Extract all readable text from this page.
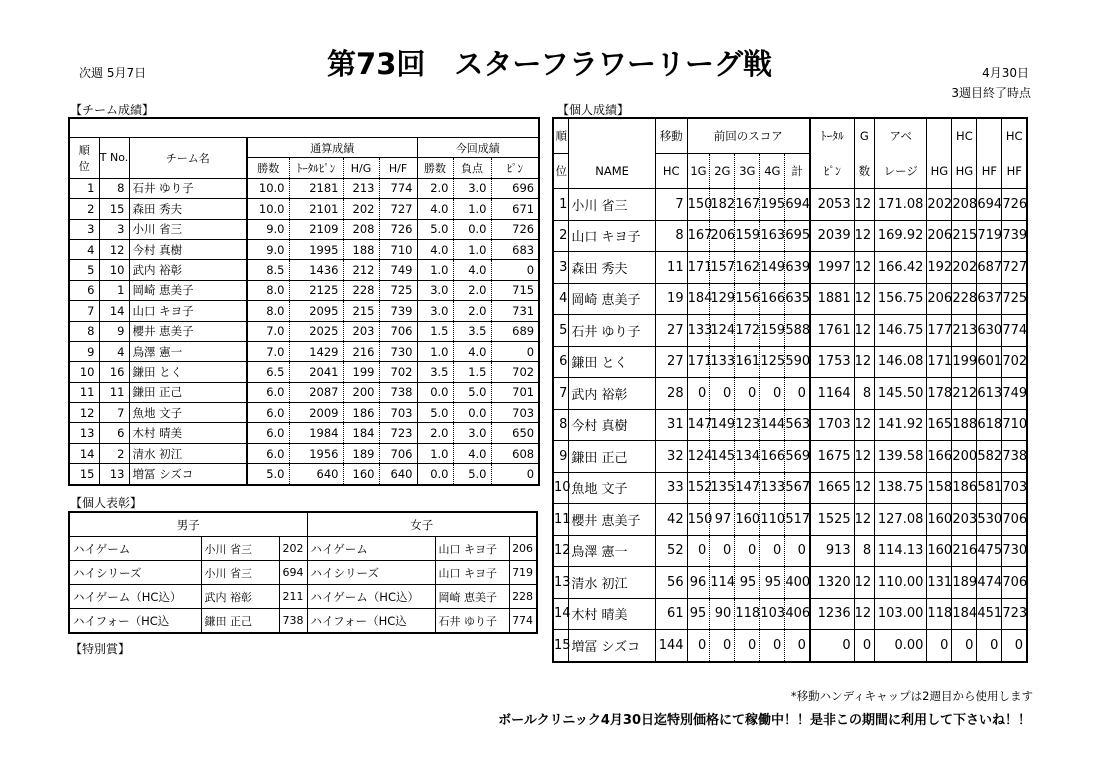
次週 5月7日	第73回　スターフラワーリーグ戦	4月30日
3週目終了時点
【チーム成績】

順位	T No.	チーム名	通算成績				今回成績		
			勝数	ﾄｰﾀﾙﾋﾟﾝ	H/G	H/F	勝数	負点	ﾋﾟﾝ
1	8	石井 ゆり子	10.0	2181	213	774	2.0	3.0	696
2	15	森田 秀夫	10.0	2101	202	727	4.0	1.0	671
3	3	小川 省三	9.0	2109	208	726	5.0	0.0	726
4	12	今村 真樹	9.0	1995	188	710	4.0	1.0	683
5	10	武内 裕彰	8.5	1436	212	749	1.0	4.0	0
6	1	岡崎 恵美子	8.0	2125	228	725	3.0	2.0	715
7	14	山口 キヨ子	8.0	2095	215	739	3.0	2.0	731
8	9	櫻井 恵美子	7.0	2025	203	706	1.5	3.5	689
9	4	鳥澤 憲一	7.0	1429	216	730	1.0	4.0	0
10	16	鎌田 とく	6.5	2041	199	702	3.5	1.5	702
11	11	鎌田 正己	6.0	2087	200	738	0.0	5.0	701
12	7	魚地 文子	6.0	2009	186	703	5.0	0.0	703
13	6	木村 晴美	6.0	1984	184	723	2.0	3.0	650
14	2	清水 初江	6.0	1956	189	706	1.0	4.0	608
15	13	増冨 シズコ	5.0	640	160	640	0.0	5.0	0
【個人表彰】
男子			女子		
ハイゲーム	小川 省三	202	ハイゲーム	山口 キヨ子	206
ハイシリーズ	小川 省三	694	ハイシリーズ	山口 キヨ子	719
ハイゲーム（HC込）	武内 裕彰	211	ハイゲーム（HC込）	岡崎 恵美子	228
ハイフォー（HC込	鎌田 正己	738	ハイフォー（HC込	石井 ゆり子	774
【特別賞】
【個人成績】
順		移動	前回のスコア					ﾄｰﾀﾙ	G	アベ		HC		HC
位	NAME	HC	1G	2G	3G	4G	計	ﾋﾟﾝ	数	レージ	HG	HG	HF	HF
1	小川 省三	7	150	182	167	195	694	2053	12	171.08	202	208	694	726
2	山口 キヨ子	8	167	206	159	163	695	2039	12	169.92	206	215	719	739
3	森田 秀夫	11	171	157	162	149	639	1997	12	166.42	192	202	687	727
4	岡崎 恵美子	19	184	129	156	166	635	1881	12	156.75	206	228	637	725
5	石井 ゆり子	27	133	124	172	159	588	1761	12	146.75	177	213	630	774
6	鎌田 とく	27	171	133	161	125	590	1753	12	146.08	171	199	601	702
7	武内 裕彰	28	0	0	0	0	0	1164	8	145.50	178	212	613	749
8	今村 真樹	31	147	149	123	144	563	1703	12	141.92	165	188	618	710
9	鎌田 正己	32	124	145	134	166	569	1675	12	139.58	166	200	582	738
10	魚地 文子	33	152	135	147	133	567	1665	12	138.75	158	186	581	703
11	櫻井 恵美子	42	150	97	160	110	517	1525	12	127.08	160	203	530	706
12	鳥澤 憲一	52	0	0	0	0	0	913	8	114.13	160	216	475	730
13	清水 初江	56	96	114	95	95	400	1320	12	110.00	131	189	474	706
14	木村 晴美	61	95	90	118	103	406	1236	12	103.00	118	184	451	723
15	増冨 シズコ	144	0	0	0	0	0	0	0	0.00	0	0	0	0
*移動ハンディキャップは2週目から使用します
ボールクリニック4月30日迄特別価格にて稼働中！！是非この期間に利用して下さいね！！
